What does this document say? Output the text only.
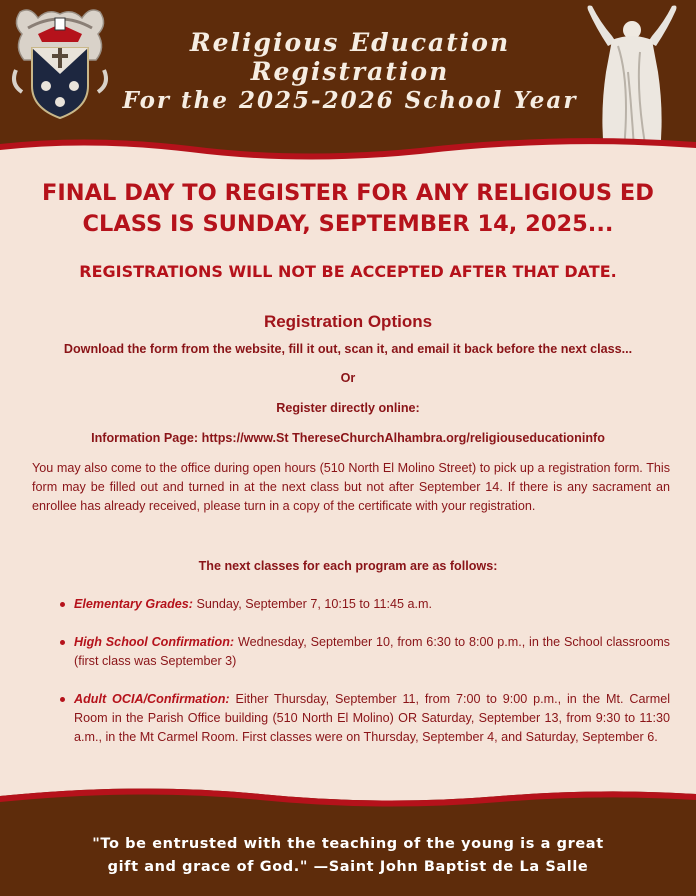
Religious Education Registration
For the 2025-2026 School Year

FINAL DAY TO REGISTER FOR ANY RELIGIOUS ED CLASS IS SUNDAY, SEPTEMBER 14, 2025...

REGISTRATIONS WILL NOT BE ACCEPTED AFTER THAT DATE.

Registration Options

Download the form from the website, fill it out, scan it, and email it back before the next class...

Or

Register directly online:

Information Page: https://www.St ThereseChurchAlhambra.org/religiouseducationinfo

You may also come to the office during open hours (510 North El Molino Street) to pick up a registration form. This form may be filled out and turned in at the next class but not after September 14. If there is any sacrament an enrollee has already received, please turn in a copy of the certificate with your registration.

The next classes for each program are as follows:

Elementary Grades: Sunday, September 7, 10:15 to 11:45 a.m.
High School Confirmation: Wednesday, September 10, from 6:30 to 8:00 p.m., in the School classrooms (first class was September 3)
Adult OCIA/Confirmation: Either Thursday, September 11, from 7:00 to 9:00 p.m., in the Mt. Carmel Room in the Parish Office building (510 North El Molino) OR Saturday, September 13, from 9:30 to 11:30 a.m., in the Mt Carmel Room. First classes were on Thursday, September 4, and Saturday, September 6.
"To be entrusted with the teaching of the young is a great
gift and grace of God." —Saint John Baptist de La Salle
